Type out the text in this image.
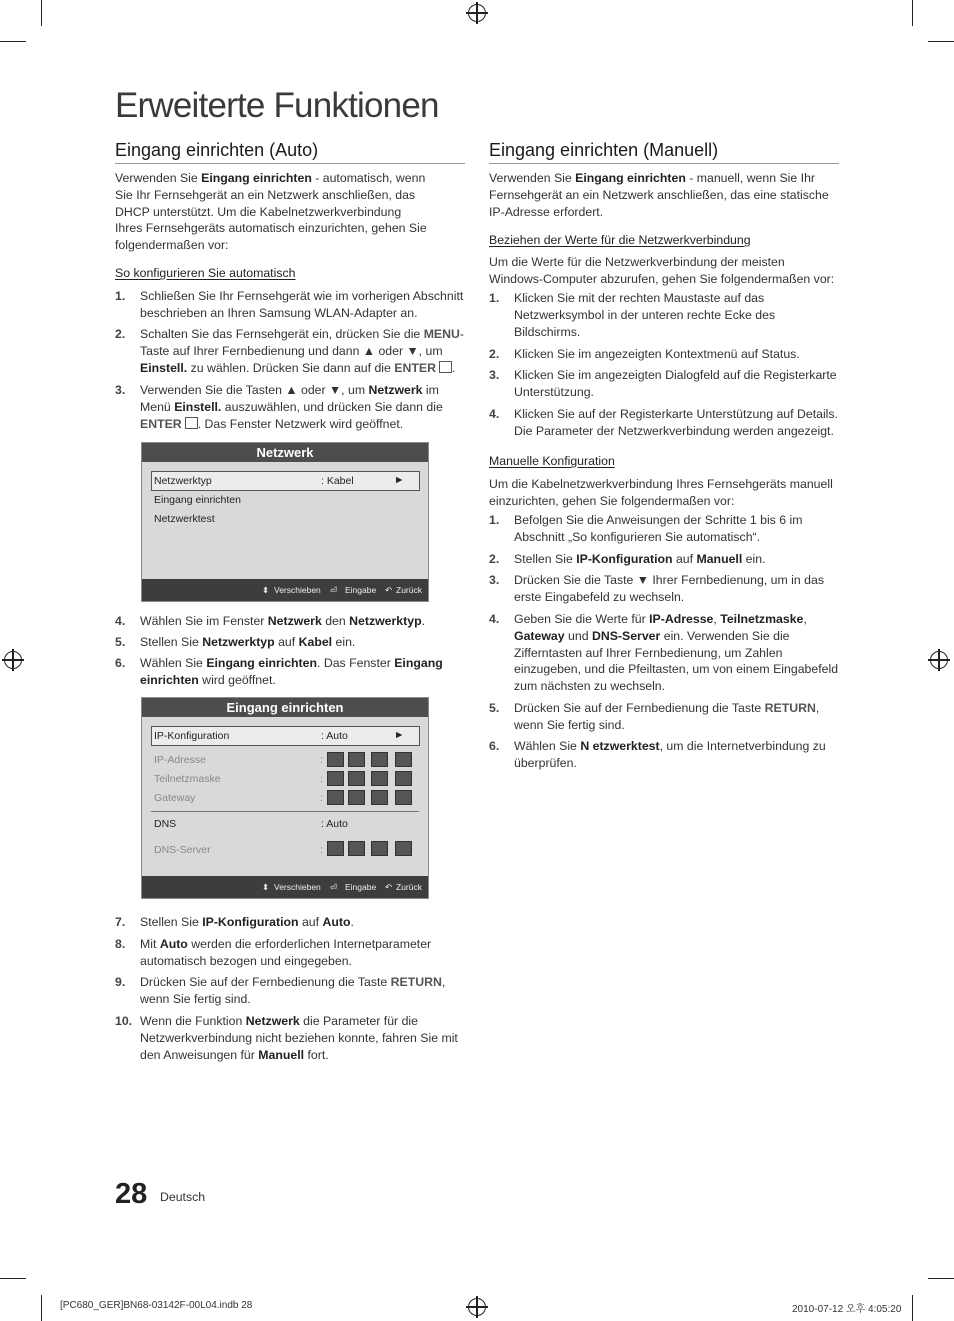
Erweiterte Funktionen
Eingang einrichten (Auto)
Verwenden Sie Eingang einrichten - automatisch, wenn
Sie Ihr Fernsehgerät an ein Netzwerk anschließen, das
DHCP unterstützt. Um die Kabelnetzwerkverbindung
Ihres Fernsehgeräts automatisch einzurichten, gehen Sie
folgendermaßen vor:
So konfigurieren Sie automatisch
1. Schließen Sie Ihr Fernsehgerät wie im vorherigen Abschnitt
beschrieben an Ihren Samsung WLAN-Adapter an.
2. Schalten Sie das Fernsehgerät ein, drücken Sie die MENU-
Taste auf Ihrer Fernbedienung und dann ▲ oder ▼, um
Einstell. zu wählen. Drücken Sie dann auf die ENTER .
3. Verwenden Sie die Tasten ▲ oder ▼, um Netzwerk im
Menü Einstell. auszuwählen, und drücken Sie dann die
ENTER . Das Fenster Netzwerk wird geöffnet.
Netzwerk
Netzwerktyp	: Kabel	►
Eingang einrichten
Netzwerktest
⬍ Verschieben ⏎ Eingabe ↶ Zurück
4. Wählen Sie im Fenster Netzwerk den Netzwerktyp.
5. Stellen Sie Netzwerktyp auf Kabel ein.
6. Wählen Sie Eingang einrichten. Das Fenster Eingang
einrichten wird geöffnet.
Eingang einrichten
IP-Konfiguration	: Auto	►
IP-Adresse	:
Teilnetzmaske	:
Gateway	:
DNS	: Auto
DNS-Server	:
⬍ Verschieben ⏎ Eingabe ↶ Zurück
7. Stellen Sie IP-Konfiguration auf Auto.
8. Mit Auto werden die erforderlichen Internetparameter
automatisch bezogen und eingegeben.
9. Drücken Sie auf der Fernbedienung die Taste RETURN,
wenn Sie fertig sind.
10. Wenn die Funktion Netzwerk die Parameter für die
Netzwerkverbindung nicht beziehen konnte, fahren Sie mit
den Anweisungen für Manuell fort.
Eingang einrichten (Manuell)
Verwenden Sie Eingang einrichten - manuell, wenn Sie Ihr
Fernsehgerät an ein Netzwerk anschließen, das eine statische
IP-Adresse erfordert.
Beziehen der Werte für die Netzwerkverbindung
Um die Werte für die Netzwerkverbindung der meisten
Windows-Computer abzurufen, gehen Sie folgendermaßen vor:
1. Klicken Sie mit der rechten Maustaste auf das
Netzwerksymbol in der unteren rechte Ecke des
Bildschirms.
2. Klicken Sie im angezeigten Kontextmenü auf Status.
3. Klicken Sie im angezeigten Dialogfeld auf die Registerkarte
Unterstützung.
4. Klicken Sie auf der Registerkarte Unterstützung auf Details.
Die Parameter der Netzwerkverbindung werden angezeigt.
Manuelle Konfiguration
Um die Kabelnetzwerkverbindung Ihres Fernsehgeräts manuell
einzurichten, gehen Sie folgendermaßen vor:
1. Befolgen Sie die Anweisungen der Schritte 1 bis 6 im
Abschnitt „So konfigurieren Sie automatisch“.
2. Stellen Sie IP-Konfiguration auf Manuell ein.
3. Drücken Sie die Taste ▼ Ihrer Fernbedienung, um in das
erste Eingabefeld zu wechseln.
4. Geben Sie die Werte für IP-Adresse, Teilnetzmaske,
Gateway und DNS-Server ein. Verwenden Sie die
Zifferntasten auf Ihrer Fernbedienung, um Zahlen
einzugeben, und die Pfeiltasten, um von einem Eingabefeld
zum nächsten zu wechseln.
5. Drücken Sie auf der Fernbedienung die Taste RETURN,
wenn Sie fertig sind.
6. Wählen Sie N etzwerktest, um die Internetverbindung zu
überprüfen.
28 Deutsch
[PC680_GER]BN68-03142F-00L04.indb 28	2010-07-12 오후 4:05:20
